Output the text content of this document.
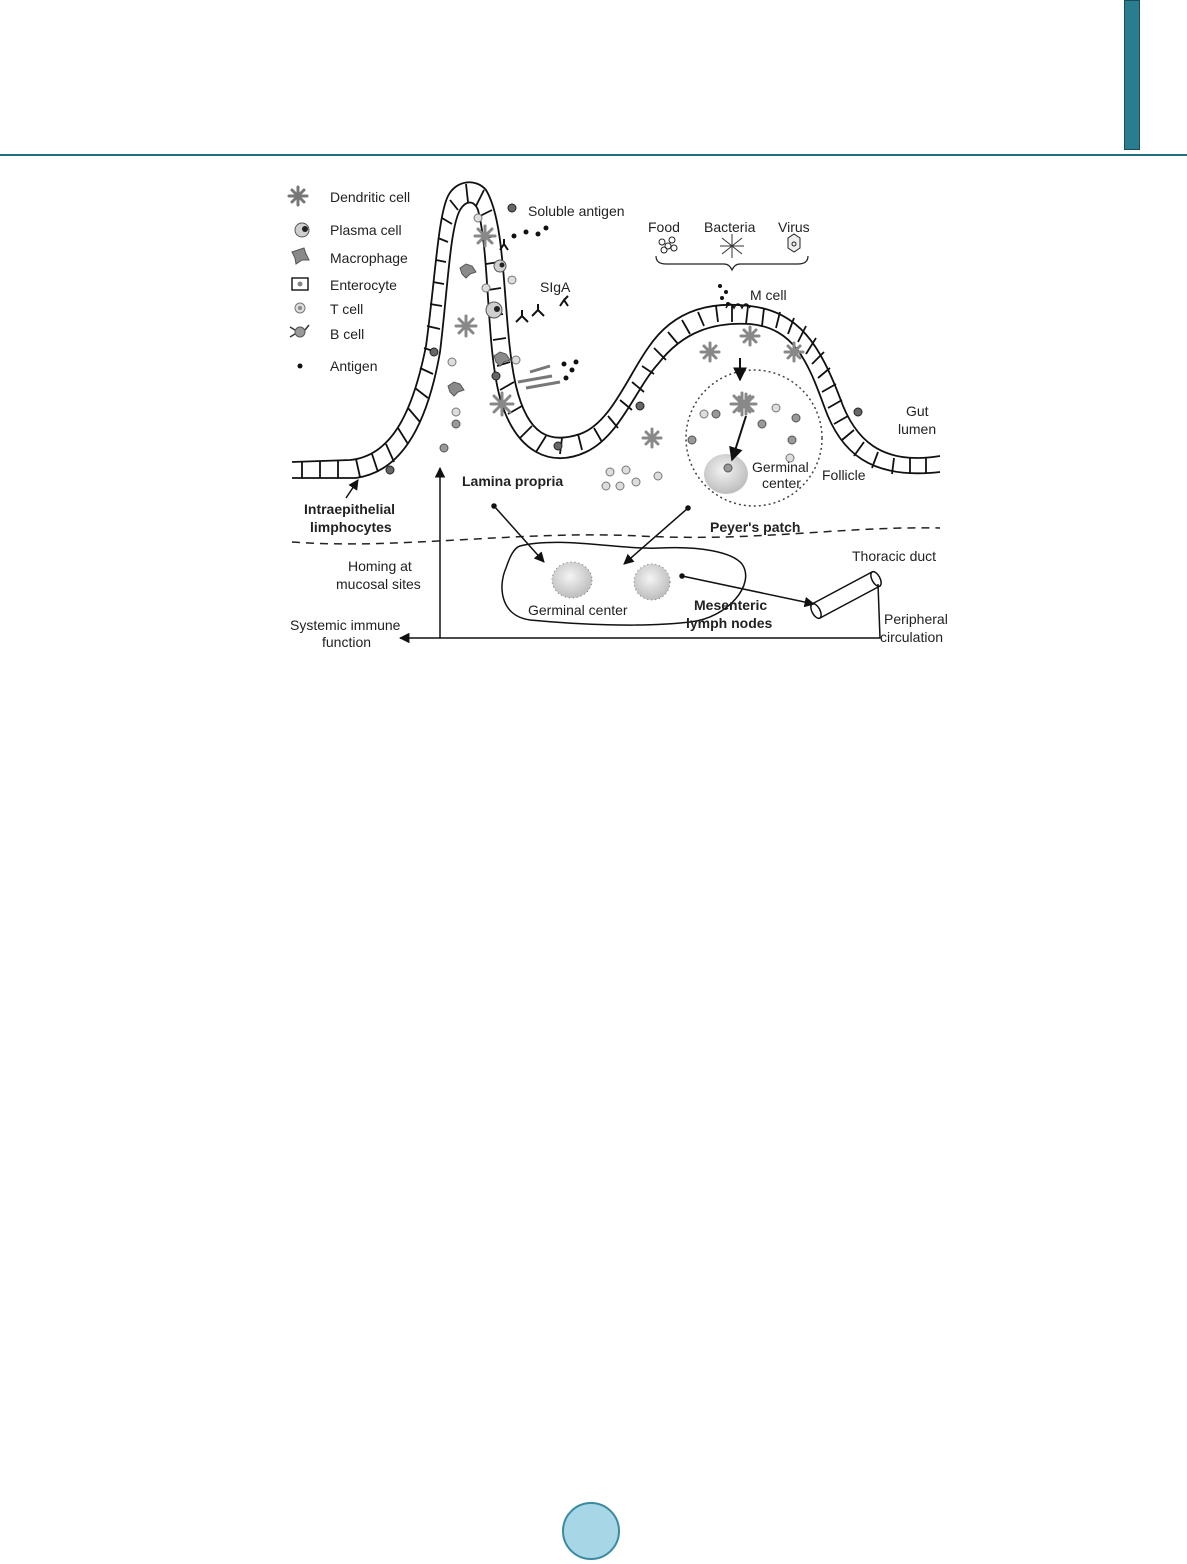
Dendritic cell
Plasma cell
Macrophage
Enterocyte
T cell
B cell
Antigen
Soluble antigen
Food Bacteria Virus
M cell
SIgA
Gut
lumen
Germinal
center Follicle
Lamina propria
Peyer's patch
Intraepithelial
limphocytes
Homing at
mucosal sites
Germinal center	Mesenteric
lymph nodes
Thoracic duct
Peripheral
circulation
Systemic immune
function
